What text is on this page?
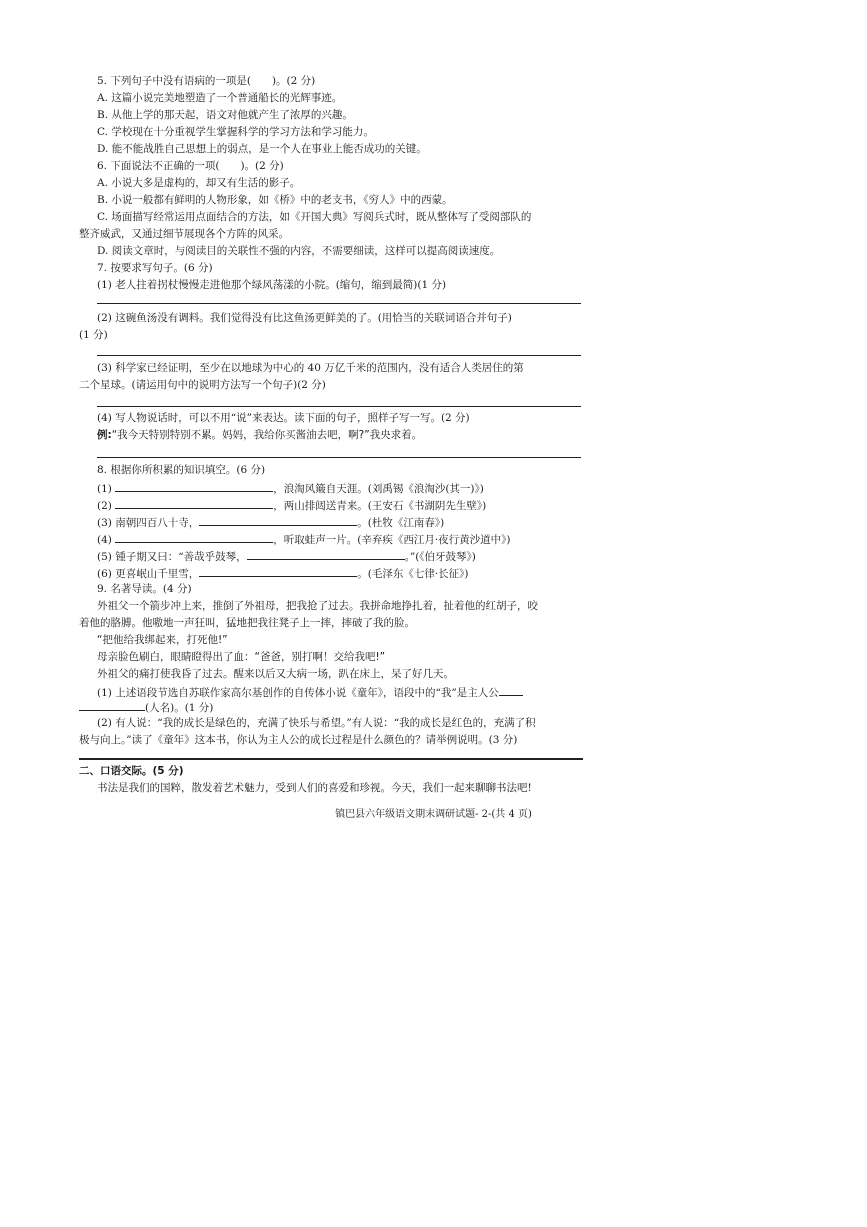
5. 下列句子中没有语病的一项是(　　)。(2 分)
A. 这篇小说完美地塑造了一个普通船长的光辉事迹。
B. 从他上学的那天起，语文对他就产生了浓厚的兴趣。
C. 学校现在十分重视学生掌握科学的学习方法和学习能力。
D. 能不能战胜自己思想上的弱点，是一个人在事业上能否成功的关键。
6. 下面说法不正确的一项(　　)。(2 分)
A. 小说大多是虚构的，却又有生活的影子。
B. 小说一般都有鲜明的人物形象，如《桥》中的老支书，《穷人》中的西蒙。
C. 场面描写经常运用点面结合的方法，如《开国大典》写阅兵式时，既从整体写了受阅部队的
整齐威武，又通过细节展现各个方阵的风采。
D. 阅读文章时，与阅读目的关联性不强的内容，不需要细读，这样可以提高阅读速度。
7. 按要求写句子。(6 分)
(1) 老人拄着拐杖慢慢走进他那个绿风荡漾的小院。(缩句，缩到最简)(1 分)
(2) 这碗鱼汤没有调料。我们觉得没有比这鱼汤更鲜美的了。(用恰当的关联词语合并句子)
(1 分)
(3) 科学家已经证明，至少在以地球为中心的 40 万亿千米的范围内，没有适合人类居住的第
二个星球。(请运用句中的说明方法写一个句子)(2 分)
(4) 写人物说话时，可以不用“说”来表达。读下面的句子，照样子写一写。(2 分)
例:“我今天特别特别不累。妈妈，我给你买酱油去吧，啊?”我央求着。
8. 根据你所积累的知识填空。(6 分)
(1)	，浪淘风簸自天涯。(刘禹锡《浪淘沙(其一)》)
(2)	，两山排闼送青来。(王安石《书湖阴先生壁》)
(3) 南朝四百八十寺，	。(杜牧《江南春》)
(4)	，听取蛙声一片。(辛弃疾《西江月·夜行黄沙道中》)
(5) 锺子期又曰：“善哉乎鼓琴，	。”(《伯牙鼓琴》)
(6) 更喜岷山千里雪，	。(毛泽东《七律·长征》)
9. 名著导读。(4 分)
外祖父一个箭步冲上来，推倒了外祖母，把我抢了过去。我拼命地挣扎着，扯着他的红胡子，咬
着他的胳膊。他嗷地一声狂叫，猛地把我往凳子上一摔，摔破了我的脸。
“把他给我绑起来，打死他!”
母亲脸色刷白，眼睛瞪得出了血：“爸爸，别打啊！交给我吧!”
外祖父的痛打使我昏了过去。醒来以后又大病一场，趴在床上，呆了好几天。
(1) 上述语段节选自苏联作家高尔基创作的自传体小说《童年》，语段中的“我”是主人公
(人名)。(1 分)
(2) 有人说：“我的成长是绿色的，充满了快乐与希望。”有人说：“我的成长是红色的，充满了积
极与向上。”读了《童年》这本书，你认为主人公的成长过程是什么颜色的？请举例说明。(3 分)
二、口语交际。(5 分)
书法是我们的国粹，散发着艺术魅力，受到人们的喜爱和珍视。今天，我们一起来聊聊书法吧!
镇巴县六年级语文期末调研试题- 2-(共 4 页)
